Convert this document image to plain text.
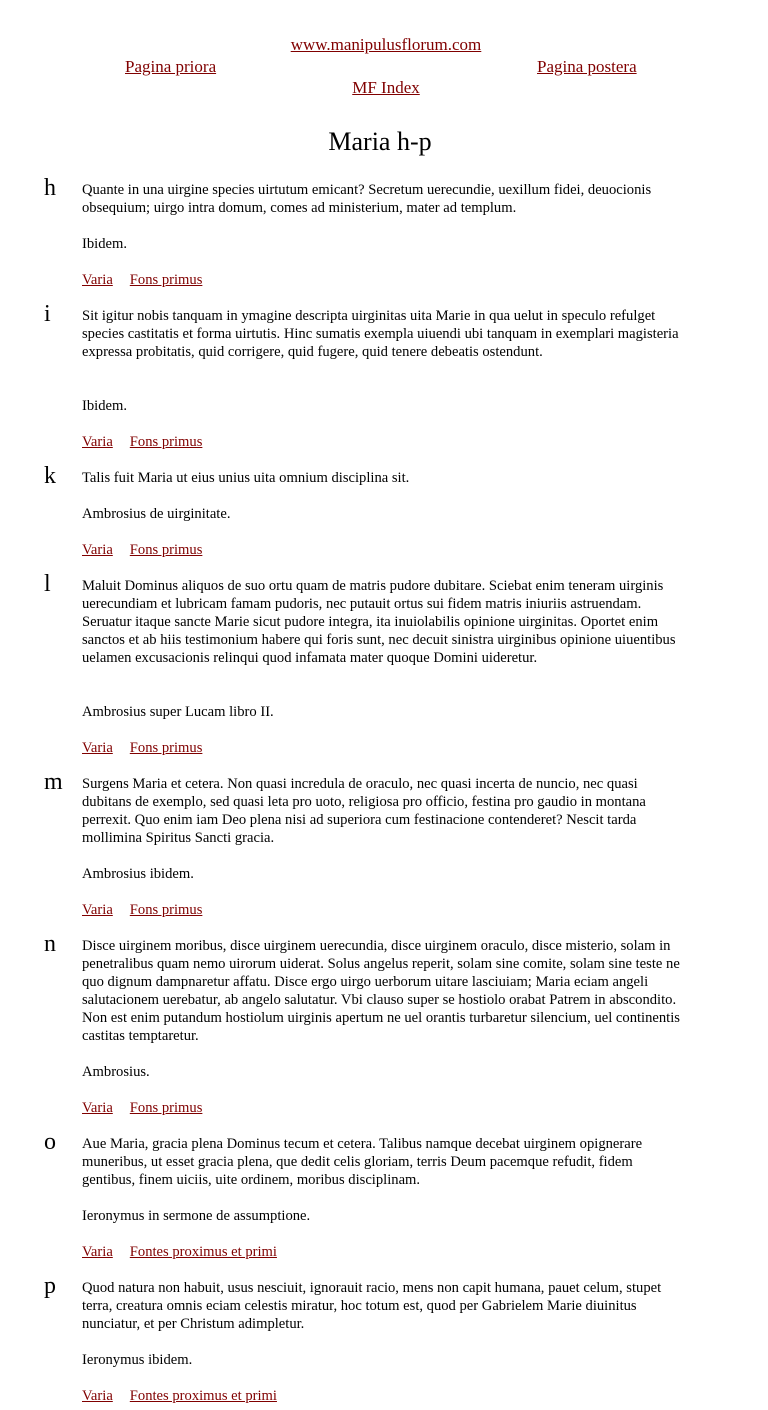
www.manipulusflorum.com
Pagina priora	Pagina postera
MF Index
Maria h-p
h	Quante in una uirgine species uirtutum emicant? Secretum uerecundie, uexillum fidei, deuocionis obsequium; uirgo intra domum, comes ad ministerium, mater ad templum.

Ibidem.

Varia Fons primus
i	Sit igitur nobis tanquam in ymagine descripta uirginitas uita Marie in qua uelut in speculo refulget species castitatis et forma uirtutis. Hinc sumatis exempla uiuendi ubi tanquam in exemplari magisteria expressa probitatis, quid corrigere, quid fugere, quid tenere debeatis ostendunt.

Ibidem.

Varia Fons primus
k	Talis fuit Maria ut eius unius uita omnium disciplina sit.

Ambrosius de uirginitate.

Varia Fons primus
l	Maluit Dominus aliquos de suo ortu quam de matris pudore dubitare. Sciebat enim teneram uirginis uerecundiam et lubricam famam pudoris, nec putauit ortus sui fidem matris iniuriis astruendam. Seruatur itaque sancte Marie sicut pudore integra, ita inuiolabilis opinione uirginitas. Oportet enim sanctos et ab hiis testimonium habere qui foris sunt, nec decuit sinistra uirginibus opinione uiuentibus uelamen excusacionis relinqui quod infamata mater quoque Domini uideretur.

Ambrosius super Lucam libro II.

Varia Fons primus
m	Surgens Maria et cetera. Non quasi incredula de oraculo, nec quasi incerta de nuncio, nec quasi dubitans de exemplo, sed quasi leta pro uoto, religiosa pro officio, festina pro gaudio in montana perrexit. Quo enim iam Deo plena nisi ad superiora cum festinacione contenderet? Nescit tarda mollimina Spiritus Sancti gracia.

Ambrosius ibidem.

Varia Fons primus
n	Disce uirginem moribus, disce uirginem uerecundia, disce uirginem oraculo, disce misterio, solam in penetralibus quam nemo uirorum uiderat. Solus angelus reperit, solam sine comite, solam sine teste ne quo dignum dampnaretur affatu. Disce ergo uirgo uerborum uitare lasciuiam; Maria eciam angeli salutacionem uerebatur, ab angelo salutatur. Vbi clauso super se hostiolo orabat Patrem in abscondito. Non est enim putandum hostiolum uirginis apertum ne uel orantis turbaretur silencium, uel continentis castitas temptaretur.

Ambrosius.

Varia Fons primus
o	Aue Maria, gracia plena Dominus tecum et cetera. Talibus namque decebat uirginem opignerare muneribus, ut esset gracia plena, que dedit celis gloriam, terris Deum pacemque refudit, fidem gentibus, finem uiciis, uite ordinem, moribus disciplinam.

Ieronymus in sermone de assumptione.

Varia Fontes proximus et primi
p	Quod natura non habuit, usus nesciuit, ignorauit racio, mens non capit humana, pauet celum, stupet terra, creatura omnis eciam celestis miratur, hoc totum est, quod per Gabrielem Marie diuinitus nunciatur, et per Christum adimpletur.

Ieronymus ibidem.

Varia Fontes proximus et primi
